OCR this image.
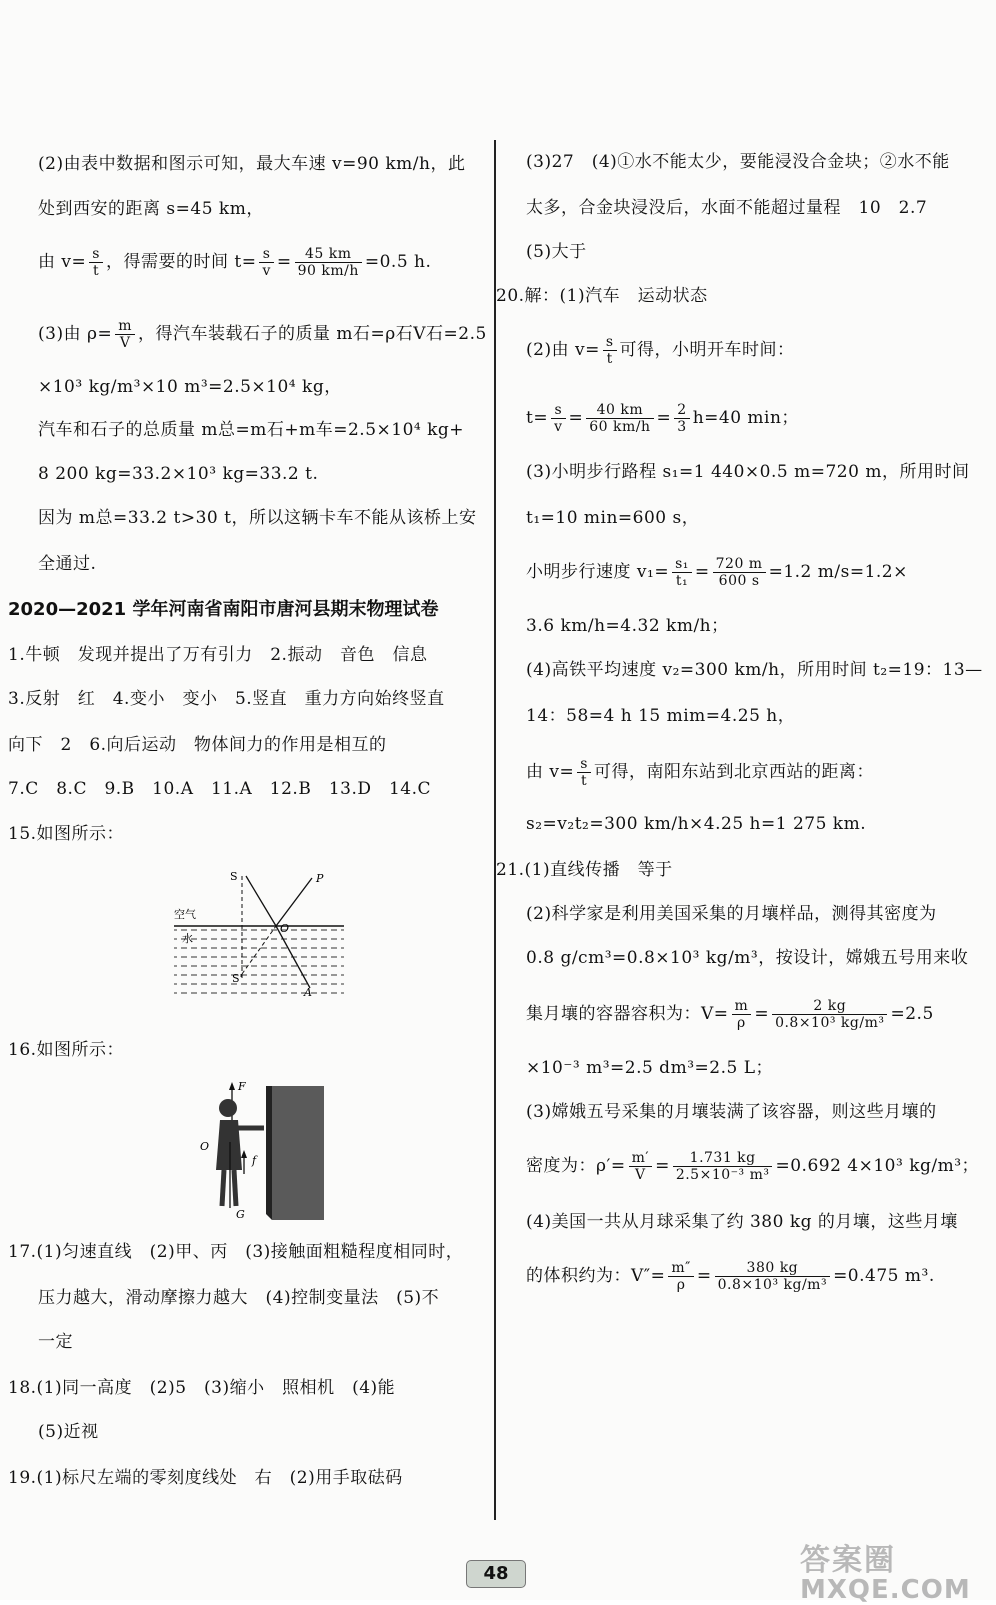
(2)由表中数据和图示可知，最大车速 v=90 km/h，此
处到西安的距离 s=45 km，
由 $v= \frac{s}{t}$ ，得需要的时间 $t= \frac{s}{v} = \frac{45 km}{90 km/h} =0.5$ h.
(3)由 $\rho= \frac{m}{V}$ ，得汽车装载石子的质量 m石=ρ石V石=2.5
×10³ kg/m³×10 m³=2.5×10⁴ kg，
汽车和石子的总质量 m总=m石+m车=2.5×10⁴ kg+
8 200 kg=33.2×10³ kg=33.2 t.
因为 m总=33.2 t>30 t，所以这辆卡车不能从该桥上安
全通过.
2020—2021 学年河南省南阳市唐河县期末物理试卷
1.牛顿　发现并提出了万有引力　2.振动　音色　信息
3.反射　红　4.变小　变小　5.竖直　重力方向始终竖直
向下　2　6.向后运动　物体间力的作用是相互的
7.C　8.C　9.B　10.A　11.A　12.B　13.D　14.C
15.如图所示：
S	P
空气
水
O
S'
A
16.如图所示：
F
O
f
G
17.(1)匀速直线　(2)甲、丙　(3)接触面粗糙程度相同时，
压力越大，滑动摩擦力越大　(4)控制变量法　(5)不
一定
18.(1)同一高度　(2)5　(3)缩小　照相机　(4)能
(5)近视
19.(1)标尺左端的零刻度线处　右　(2)用手取砝码
(3)27　(4)①水不能太少，要能浸没合金块；②水不能
太多，合金块浸没后，水面不能超过量程　10　2.7
(5)大于
20.解：(1)汽车　运动状态
(2)由 $v= \frac{s}{t}$ 可得，小明开车时间：
$t= \frac{s}{v} = \frac{40 km}{60 km/h} = \frac{2}{3} h=40$ min；
(3)小明步行路程 s₁=1 440×0.5 m=720 m，所用时间
t₁=10 min=600 s，
小明步行速度 $v_1= \frac{\text{s₁}}{\text{t₁}} = \frac{720 m}{600 s} =1.2$ m/s=1.2×
3.6 km/h=4.32 km/h；
(4)高铁平均速度 v₂=300 km/h，所用时间 t₂=19：13—
14：58=4 h 15 mim=4.25 h，
由 $v= \frac{s}{t}$ 可得，南阳东站到北京西站的距离：
s₂=v₂t₂=300 km/h×4.25 h=1 275 km.
21.(1)直线传播　等于
(2)科学家是利用美国采集的月壤样品，测得其密度为
0.8 g/cm³=0.8×10³ kg/m³，按设计，嫦娥五号用来收
集月壤的容器容积为：$V= \frac{m}{\rho} = \frac{2 kg}{\text{0.8×10³ kg/m³}} =2.5$
×10⁻³ m³=2.5 dm³=2.5 L；
(3)嫦娥五号采集的月壤装满了该容器，则这些月壤的
密度为：$\rho'= \frac{m'}{V} = \frac{1.731 kg}{\text{2.5×10⁻³ m³}} =0.692$ 4×10³ kg/m³；
(4)美国一共从月球采集了约 380 kg 的月壤，这些月壤
的体积约为：$V''= \frac{m''}{\rho} = \frac{380 kg}{\text{0.8×10³ kg/m³}} =0.475$ m³.
48	答案圈
MXQE.COM
